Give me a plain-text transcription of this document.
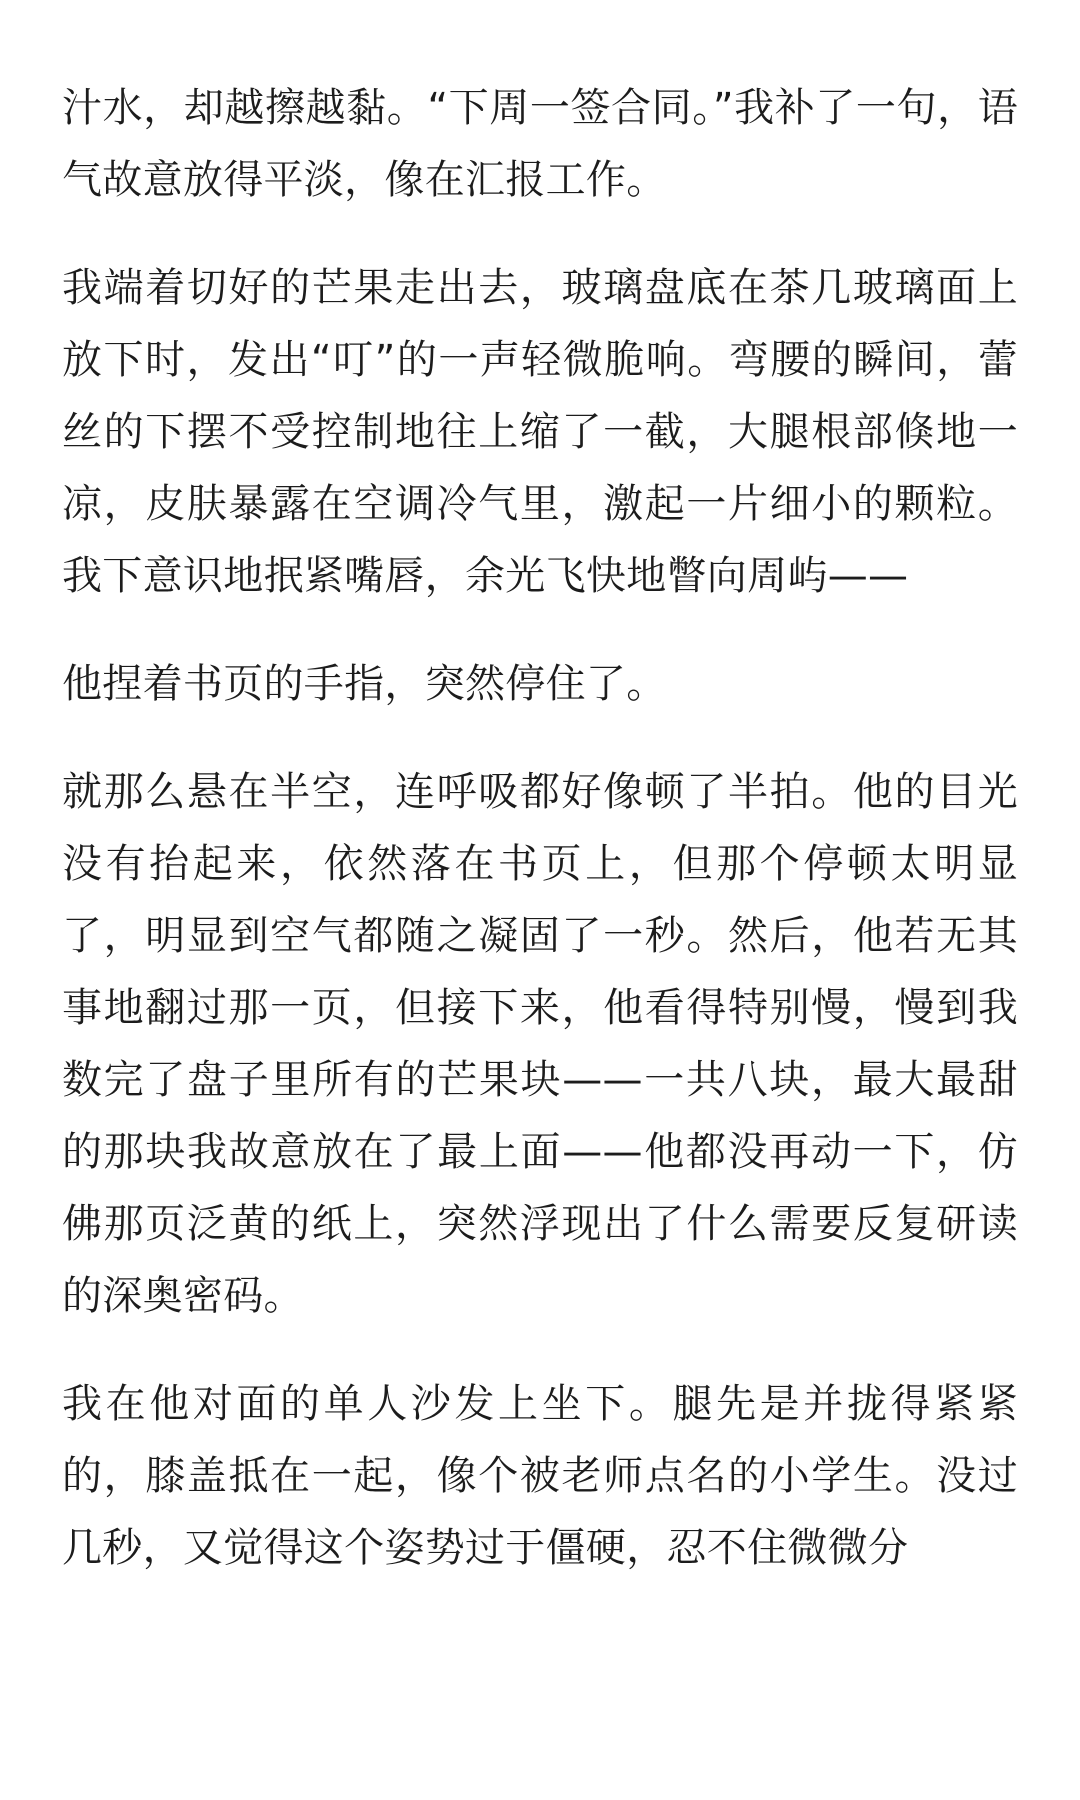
汁水，却越擦越黏。“下周一签合同。”我补了一句，语气故意放得平淡，像在汇报工作。

我端着切好的芒果走出去，玻璃盘底在茶几玻璃面上放下时，发出“叮”的一声轻微脆响。弯腰的瞬间，蕾丝的下摆不受控制地往上缩了一截，大腿根部倏地一凉，皮肤暴露在空调冷气里，激起一片细小的颗粒。我下意识地抿紧嘴唇，余光飞快地瞥向周屿——

他捏着书页的手指，突然停住了。

就那么悬在半空，连呼吸都好像顿了半拍。他的目光没有抬起来，依然落在书页上，但那个停顿太明显了，明显到空气都随之凝固了一秒。然后，他若无其事地翻过那一页，但接下来，他看得特别慢，慢到我数完了盘子里所有的芒果块——一共八块，最大最甜的那块我故意放在了最上面——他都没再动一下，仿佛那页泛黄的纸上，突然浮现出了什么需要反复研读的深奥密码。

我在他对面的单人沙发上坐下。腿先是并拢得紧紧的，膝盖抵在一起，像个被老师点名的小学生。没过几秒，又觉得这个姿势过于僵硬，忍不住微微分
